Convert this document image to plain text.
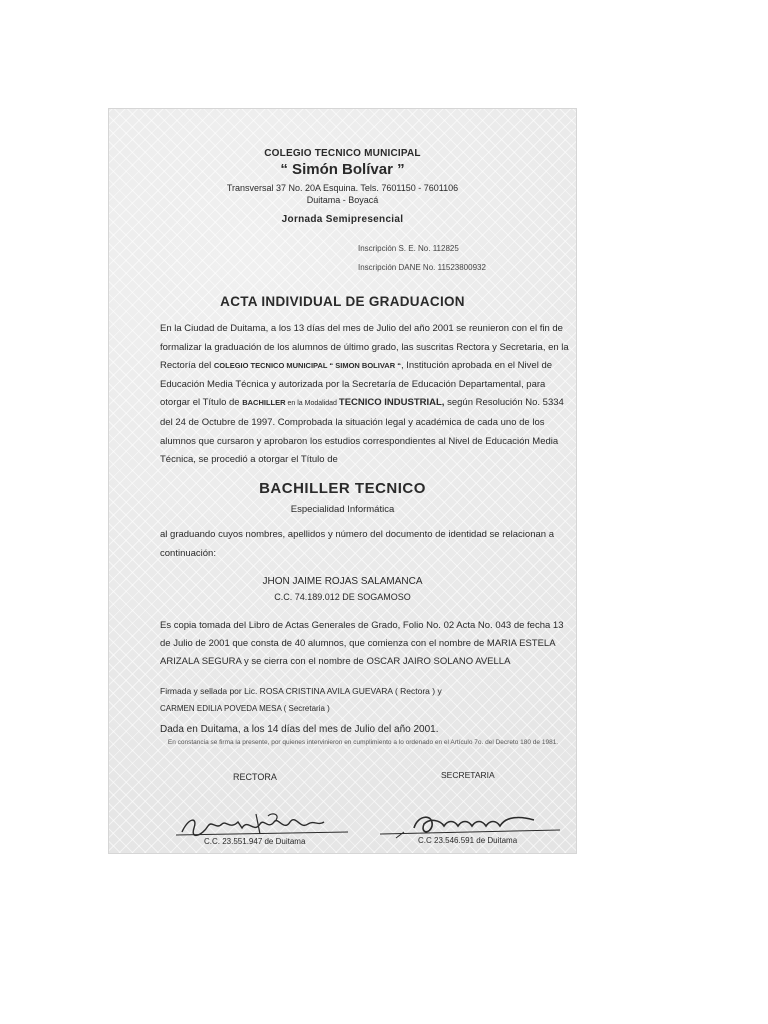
COLEGIO TECNICO MUNICIPAL
“ Simón Bolívar ”
Transversal 37 No. 20A Esquina. Tels. 7601150 - 7601106
Duitama - Boyacá
Jornada Semipresencial
Inscripción S. E. No. 112825
Inscripción DANE No. 11523800932
ACTA INDIVIDUAL DE GRADUACION
En la Ciudad de Duitama, a los 13 días del mes de Julio del año 2001 se reunieron con el fin de formalizar la graduación de los alumnos de último grado, las suscritas Rectora y Secretaria, en la Rectoría del COLEGIO TECNICO MUNICIPAL “ SIMON BOLIVAR “, Institución aprobada en el Nivel de Educación Media Técnica y autorizada por la Secretaría de Educación Departamental, para otorgar el Título de BACHILLER en la Modalidad TECNICO INDUSTRIAL, según Resolución No. 5334 del 24 de Octubre de 1997. Comprobada la situación legal y académica de cada uno de los alumnos que cursaron y aprobaron los estudios correspondientes al Nivel de Educación Media Técnica, se procedió a otorgar el Título de
BACHILLER TECNICO
Especialidad Informática
al graduando cuyos nombres, apellidos y número del documento de identidad se relacionan a continuación:
JHON JAIME ROJAS SALAMANCA
C.C. 74.189.012 DE SOGAMOSO
Es copia tomada del Libro de Actas Generales de Grado, Folio No. 02 Acta No. 043 de fecha 13 de Julio de 2001 que consta de 40 alumnos, que comienza con el nombre de MARIA ESTELA ARIZALA SEGURA y se cierra con el nombre de OSCAR JAIRO SOLANO AVELLA
Firmada y sellada por Lic. ROSA CRISTINA AVILA GUEVARA ( Rectora ) y
CARMEN EDILIA POVEDA MESA ( Secretaria )
Dada en Duitama, a los 14 días del mes de Julio del año 2001.
En constancia se firma la presente, por quienes intervinieron en cumplimiento a lo ordenado en el Artículo 7o. del Decreto 180 de 1981.
RECTORA	SECRETARIA
C.C. 23.551.947 de Duitama	C.C 23.546.591 de Duitama
